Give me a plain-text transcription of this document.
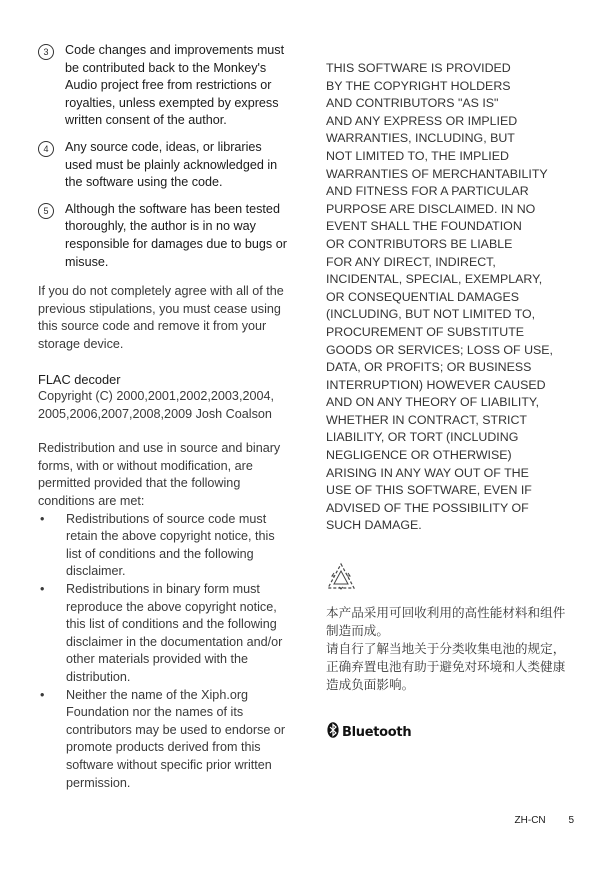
3	Code changes and improvements must be contributed back to the Monkey's Audio project free from restrictions or royalties, unless exempted by express written consent of the author.
4	Any source code, ideas, or libraries used must be plainly acknowledged in the software using the code.
5	Although the software has been tested thoroughly, the author is in no way responsible for damages due to bugs or misuse.

If you do not completely agree with all of the previous stipulations, you must cease using this source code and remove it from your storage device.

FLAC decoder

Copyright (C) 2000,2001,2002,2003,2004, 2005,2006,2007,2008,2009 Josh Coalson

Redistribution and use in source and binary forms, with or without modification, are permitted provided that the following conditions are met:

•	Redistributions of source code must retain the above copyright notice, this list of conditions and the following disclaimer.
•	Redistributions in binary form must reproduce the above copyright notice, this list of conditions and the following disclaimer in the documentation and/or other materials provided with the distribution.
•	Neither the name of the Xiph.org Foundation nor the names of its contributors may be used to endorse or promote products derived from this software without specific prior written permission.

THIS SOFTWARE IS PROVIDED
BY THE COPYRIGHT HOLDERS
AND CONTRIBUTORS "AS IS"
AND ANY EXPRESS OR IMPLIED
WARRANTIES, INCLUDING, BUT
NOT LIMITED TO, THE IMPLIED
WARRANTIES OF MERCHANTABILITY
AND FITNESS FOR A PARTICULAR
PURPOSE ARE DISCLAIMED. IN NO
EVENT SHALL THE FOUNDATION
OR CONTRIBUTORS BE LIABLE
FOR ANY DIRECT, INDIRECT,
INCIDENTAL, SPECIAL, EXEMPLARY,
OR CONSEQUENTIAL DAMAGES
(INCLUDING, BUT NOT LIMITED TO,
PROCUREMENT OF SUBSTITUTE
GOODS OR SERVICES; LOSS OF USE,
DATA, OR PROFITS; OR BUSINESS
INTERRUPTION) HOWEVER CAUSED
AND ON ANY THEORY OF LIABILITY,
WHETHER IN CONTRACT, STRICT
LIABILITY, OR TORT (INCLUDING
NEGLIGENCE OR OTHERWISE)
ARISING IN ANY WAY OUT OF THE
USE OF THIS SOFTWARE, EVEN IF
ADVISED OF THE POSSIBILITY OF
SUCH DAMAGE.

本产品采用可回收利用的高性能材料和组件制造而成。
请自行了解当地关于分类收集电池的规定，正确弃置电池有助于避免对环境和人类健康造成负面影响。
Bluetooth
ZH-CN 5
